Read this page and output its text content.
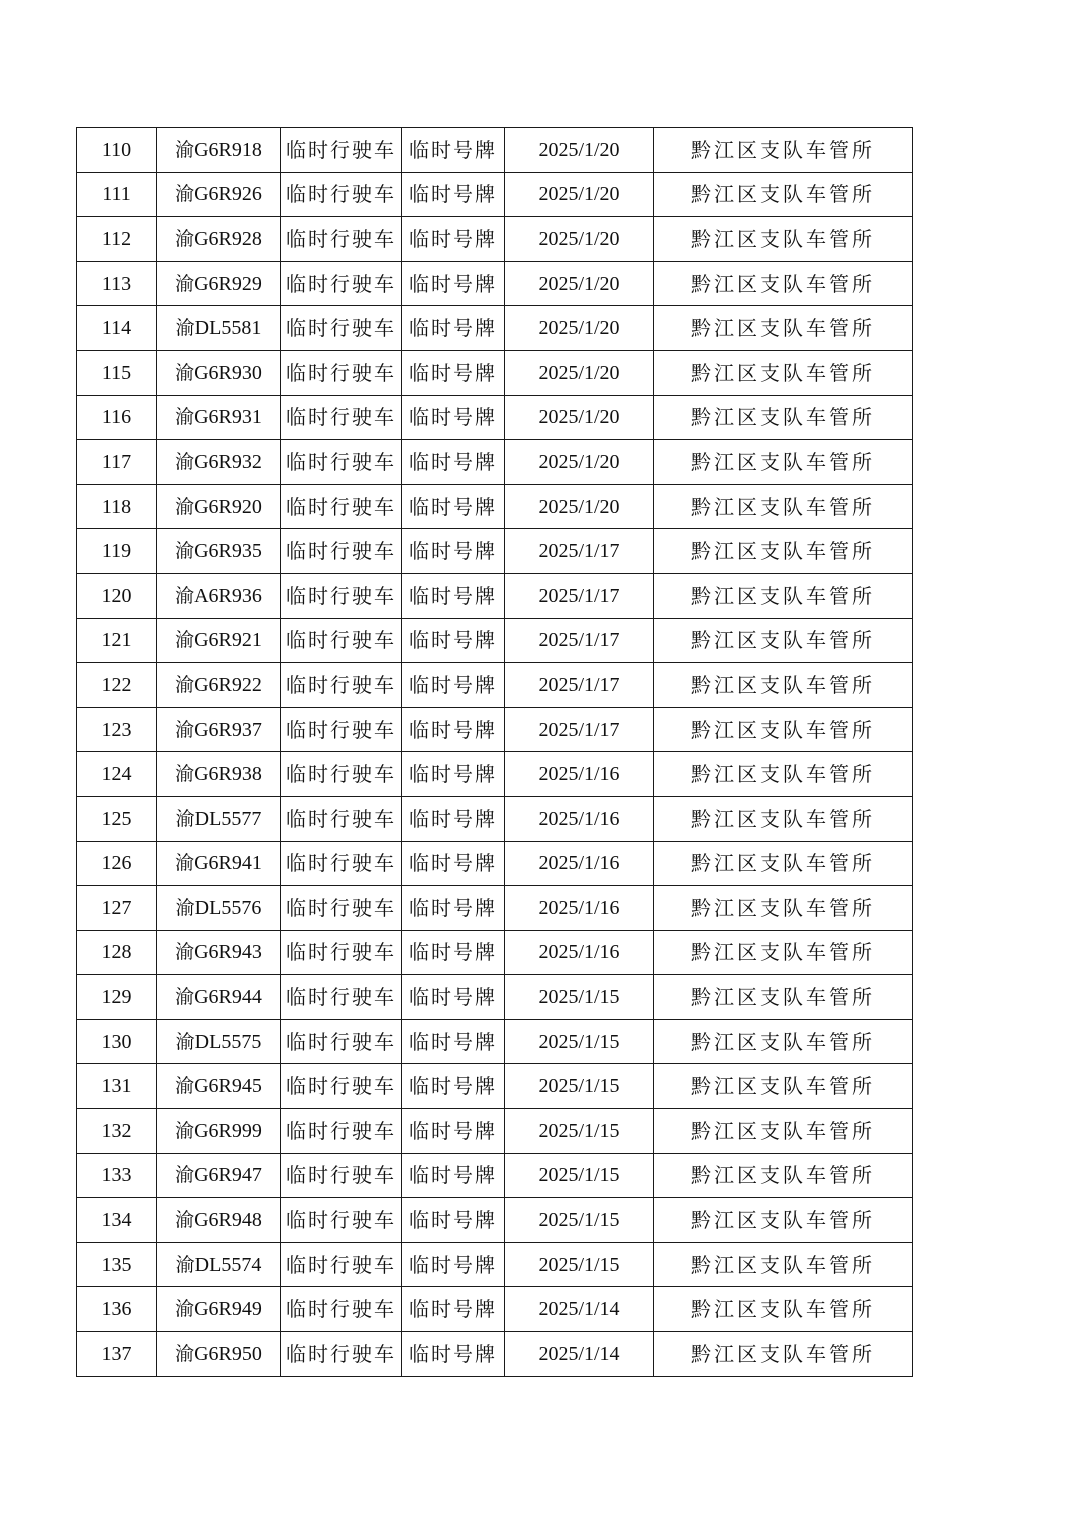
110	渝G6R918	临时行驶车	临时号牌	2025/1/20	黔江区支队车管所
111	渝G6R926	临时行驶车	临时号牌	2025/1/20	黔江区支队车管所
112	渝G6R928	临时行驶车	临时号牌	2025/1/20	黔江区支队车管所
113	渝G6R929	临时行驶车	临时号牌	2025/1/20	黔江区支队车管所
114	渝DL5581	临时行驶车	临时号牌	2025/1/20	黔江区支队车管所
115	渝G6R930	临时行驶车	临时号牌	2025/1/20	黔江区支队车管所
116	渝G6R931	临时行驶车	临时号牌	2025/1/20	黔江区支队车管所
117	渝G6R932	临时行驶车	临时号牌	2025/1/20	黔江区支队车管所
118	渝G6R920	临时行驶车	临时号牌	2025/1/20	黔江区支队车管所
119	渝G6R935	临时行驶车	临时号牌	2025/1/17	黔江区支队车管所
120	渝A6R936	临时行驶车	临时号牌	2025/1/17	黔江区支队车管所
121	渝G6R921	临时行驶车	临时号牌	2025/1/17	黔江区支队车管所
122	渝G6R922	临时行驶车	临时号牌	2025/1/17	黔江区支队车管所
123	渝G6R937	临时行驶车	临时号牌	2025/1/17	黔江区支队车管所
124	渝G6R938	临时行驶车	临时号牌	2025/1/16	黔江区支队车管所
125	渝DL5577	临时行驶车	临时号牌	2025/1/16	黔江区支队车管所
126	渝G6R941	临时行驶车	临时号牌	2025/1/16	黔江区支队车管所
127	渝DL5576	临时行驶车	临时号牌	2025/1/16	黔江区支队车管所
128	渝G6R943	临时行驶车	临时号牌	2025/1/16	黔江区支队车管所
129	渝G6R944	临时行驶车	临时号牌	2025/1/15	黔江区支队车管所
130	渝DL5575	临时行驶车	临时号牌	2025/1/15	黔江区支队车管所
131	渝G6R945	临时行驶车	临时号牌	2025/1/15	黔江区支队车管所
132	渝G6R999	临时行驶车	临时号牌	2025/1/15	黔江区支队车管所
133	渝G6R947	临时行驶车	临时号牌	2025/1/15	黔江区支队车管所
134	渝G6R948	临时行驶车	临时号牌	2025/1/15	黔江区支队车管所
135	渝DL5574	临时行驶车	临时号牌	2025/1/15	黔江区支队车管所
136	渝G6R949	临时行驶车	临时号牌	2025/1/14	黔江区支队车管所
137	渝G6R950	临时行驶车	临时号牌	2025/1/14	黔江区支队车管所
